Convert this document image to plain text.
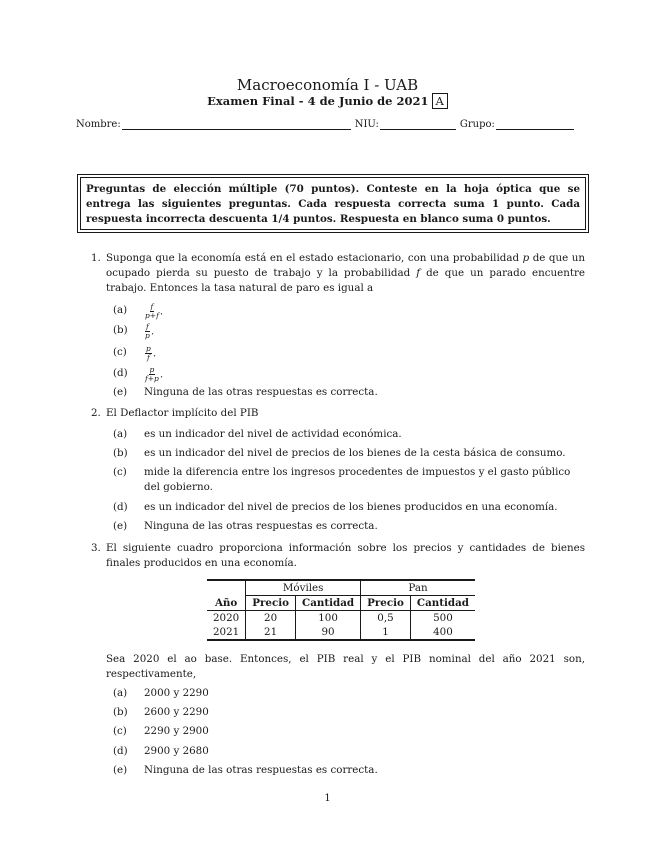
Macroeconomía I - UAB
Examen Final - 4 de Junio de 2021 A
Nombre:	NIU:	Grupo:
Preguntas de elección múltiple (70 puntos). Conteste en la hoja óptica que se entrega las siguientes preguntas. Cada respuesta correcta suma 1 punto. Cada respuesta incorrecta descuenta 1/4 puntos. Respuesta en blanco suma 0 puntos.
1. Suponga que la economía está en el estado estacionario, con una probabilidad p de que un ocupado pierda su puesto de trabajo y la probabilidad f de que un parado encuentre trabajo. Entonces la tasa natural de paro es igual a
$(a) \frac{f}{p+f}$ .
$(b) \frac{f}{p}$ .
$(c) \frac{p}{f}$ .
$(d) \frac{p}{f+p}$ .
(e) Ninguna de las otras respuestas es correcta.
2. El Deflactor implícito del PIB
(a) es un indicador del nivel de actividad económica.
(b) es un indicador del nivel de precios de los bienes de la cesta básica de consumo.
(c) mide la diferencia entre los ingresos procedentes de impuestos y el gasto público del gobierno.
(d) es un indicador del nivel de precios de los bienes producidos en una economía.
(e) Ninguna de las otras respuestas es correcta.
3. El siguiente cuadro proporciona información sobre los precios y cantidades de bienes finales producidos en una economía.
	Móviles		Pan	
Año	Precio	Cantidad	Precio	Cantidad
2020	20	100	0,5	500
2021	21	90	1	400
Sea 2020 el ao base. Entonces, el PIB real y el PIB nominal del año 2021 son, respectivamente,
(a) 2000 y 2290
(b) 2600 y 2290
(c) 2290 y 2900
(d) 2900 y 2680
(e) Ninguna de las otras respuestas es correcta.
1
